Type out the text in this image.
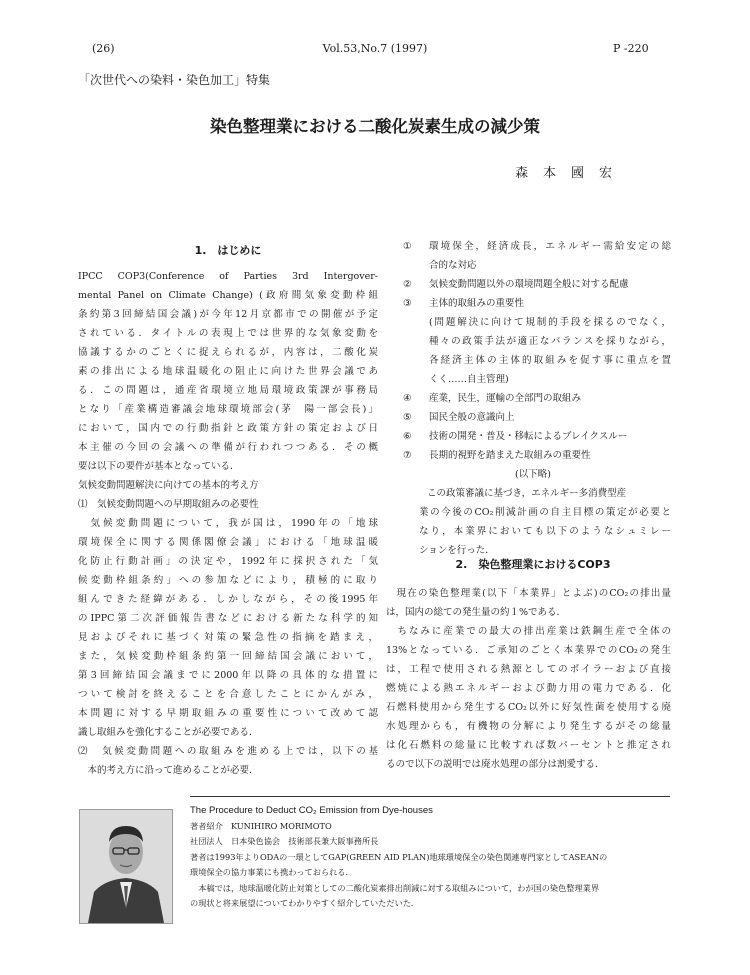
(26)	Vol.53,No.7 (1997)	P -220
「次世代への染料・染色加工」特集
染色整理業における二酸化炭素生成の減少策
森本國宏
1.　はじめに
IPCC COP3(Conference of Parties 3rd Intergover-
mental Panel on Climate Change) (政府間気象変動枠組
条約第3回締結国会議)が今年12月京都市での開催が予定
されている．タイトルの表現上では世界的な気象変動を
協議するかのごとくに捉えられるが，内容は，二酸化炭
素の排出による地球温暖化の阻止に向けた世界会議であ
る．この問題は，通産省環境立地局環境政策課が事務局
となり「産業構造審議会地球環境部会(茅　陽一部会長)」
において，国内での行動指針と政策方針の策定および日
本主催の今回の会議への準備が行われつつある．その概
要は以下の要件が基本となっている．
気候変動問題解決に向けての基本的考え方
⑴　気候変動問題への早期取組みの必要性
　気候変動問題について，我が国は，1990年の「地球
環境保全に関する関係閣僚会議」における「地球温暖
化防止行動計画」の決定や，1992年に採択された「気
候変動枠組条約」への参加などにより，積極的に取り
組んできた経緯がある．しかしながら，その後1995年
のIPPC第二次評価報告書などにおける新たな科学的知
見およびそれに基づく対策の緊急性の指摘を踏まえ，
また，気候変動枠組条約第一回締結国会議において，
第3回締結国会議までに2000年以降の具体的な措置に
ついて検討を終えることを合意したことにかんがみ，
本問題に対する早期取組みの重要性について改めて認
識し取組みを強化することが必要である．
⑵　気候変動問題への取組みを進める上では，以下の基
　本的考え方に沿って進めることが必要．
① 環境保全，経済成長，エネルギー需給安定の総
合的な対応
② 気候変動問題以外の環境問題全般に対する配慮
③ 主体的取組みの重要性
(問題解決に向けて規制的手段を採るのでなく，
種々の政策手法が適正なバランスを採りながら，
各経済主体の主体的取組みを促す事に重点を置
くく……自主管理)
④ 産業，民生，運輸の全部門の取組み
⑤ 国民全般の意識向上
⑥ 技術の開発・普及・移転によるブレイクスルー
⑦ 長期的視野を踏まえた取組みの重要性
(以下略)
この政策審議に基づき，エネルギー多消費型産
業の今後のCO₂削減計画の自主目標の策定が必要と
なり，本業界においても以下のようなシュミレー
ションを行った．
2.　染色整理業におけるCOP3
　現在の染色整理業(以下「本業界」とよぶ)のCO₂の排出量
は，国内の総ての発生量の約１%である．
　ちなみに産業での最大の排出産業は鉄鋼生産で全体の
13%となっている．ご承知のごとく本業界でのCO₂の発生
は，工程で使用される熱源としてのボイラーおよび直接
燃焼による熱エネルギーおよび動力用の電力である．化
石燃料使用から発生するCO₂以外に好気性菌を使用する廃
水処理からも，有機物の分解により発生するがその総量
は化石燃料の総量に比較すれば数パーセントと推定され
るので以下の説明では廃水処理の部分は割愛する．
The Procedure to Deduct CO₂ Emission from Dye-houses
著者紹介　KUNIHIRO MORIMOTO
社団法人　日本染色協会　技術部長兼大阪事務所長
著者は1993年よりODAの一環としてGAP(GREEN AID PLAN)地球環境保全の染色関連専門家としてASEANの
環境保全の協力事業にも携わっておられる．
　本稿では，地球温暖化防止対策としての二酸化炭素排出削減に対する取組みについて，わが国の染色整理業界
の現状と将来展望についてわかりやすく紹介していただいた．
